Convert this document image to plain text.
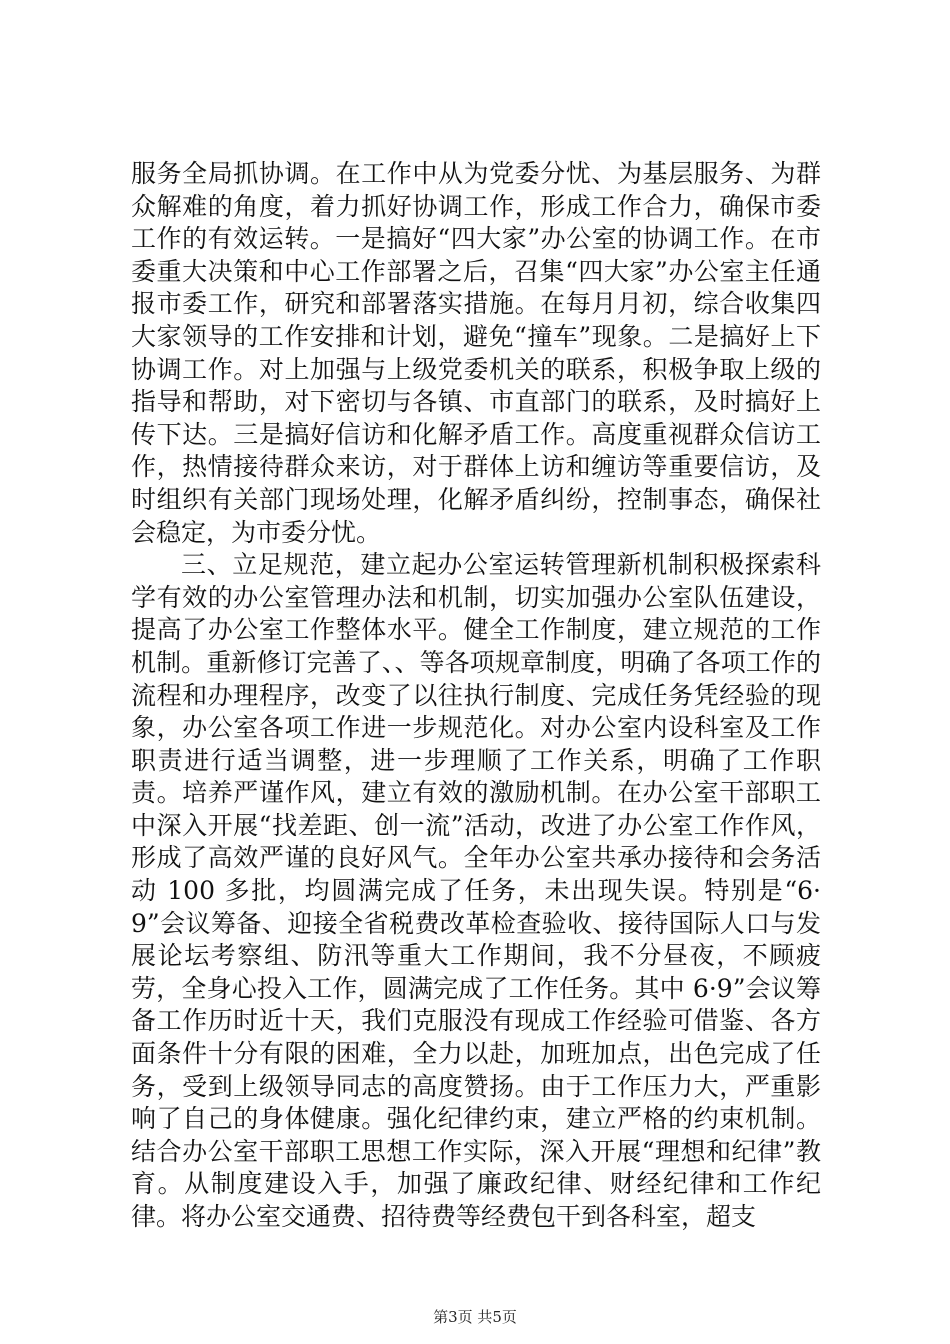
服务全局抓协调。在工作中从为党委分忧、为基层服务、为群众解难的角度，着力抓好协调工作，形成工作合力，确保市委工作的有效运转。一是搞好“四大家”办公室的协调工作。在市委重大决策和中心工作部署之后，召集“四大家”办公室主任通报市委工作，研究和部署落实措施。在每月月初，综合收集四大家领导的工作安排和计划，避免“撞车”现象。二是搞好上下协调工作。对上加强与上级党委机关的联系，积极争取上级的指导和帮助，对下密切与各镇、市直部门的联系，及时搞好上传下达。三是搞好信访和化解矛盾工作。高度重视群众信访工作，热情接待群众来访，对于群体上访和缠访等重要信访，及时组织有关部门现场处理，化解矛盾纠纷，控制事态，确保社会稳定，为市委分忧。

三、立足规范，建立起办公室运转管理新机制积极探索科学有效的办公室管理办法和机制，切实加强办公室队伍建设，提高了办公室工作整体水平。健全工作制度，建立规范的工作机制。重新修订完善了、、等各项规章制度，明确了各项工作的流程和办理程序，改变了以往执行制度、完成任务凭经验的现象，办公室各项工作进一步规范化。对办公室内设科室及工作职责进行适当调整，进一步理顺了工作关系，明确了工作职责。培养严谨作风，建立有效的激励机制。在办公室干部职工中深入开展“找差距、创一流”活动，改进了办公室工作作风，形成了高效严谨的良好风气。全年办公室共承办接待和会务活动 100 多批，均圆满完成了任务，未出现失误。特别是“6·9”会议筹备、迎接全省税费改革检查验收、接待国际人口与发展论坛考察组、防汛等重大工作期间，我不分昼夜，不顾疲劳，全身心投入工作，圆满完成了工作任务。其中 6·9”会议筹备工作历时近十天，我们克服没有现成工作经验可借鉴、各方面条件十分有限的困难，全力以赴，加班加点，出色完成了任务，受到上级领导同志的高度赞扬。由于工作压力大，严重影响了自己的身体健康。强化纪律约束，建立严格的约束机制。结合办公室干部职工思想工作实际，深入开展“理想和纪律”教育。从制度建设入手，加强了廉政纪律、财经纪律和工作纪律。将办公室交通费、招待费等经费包干到各科室，超支

第3页 共5页
